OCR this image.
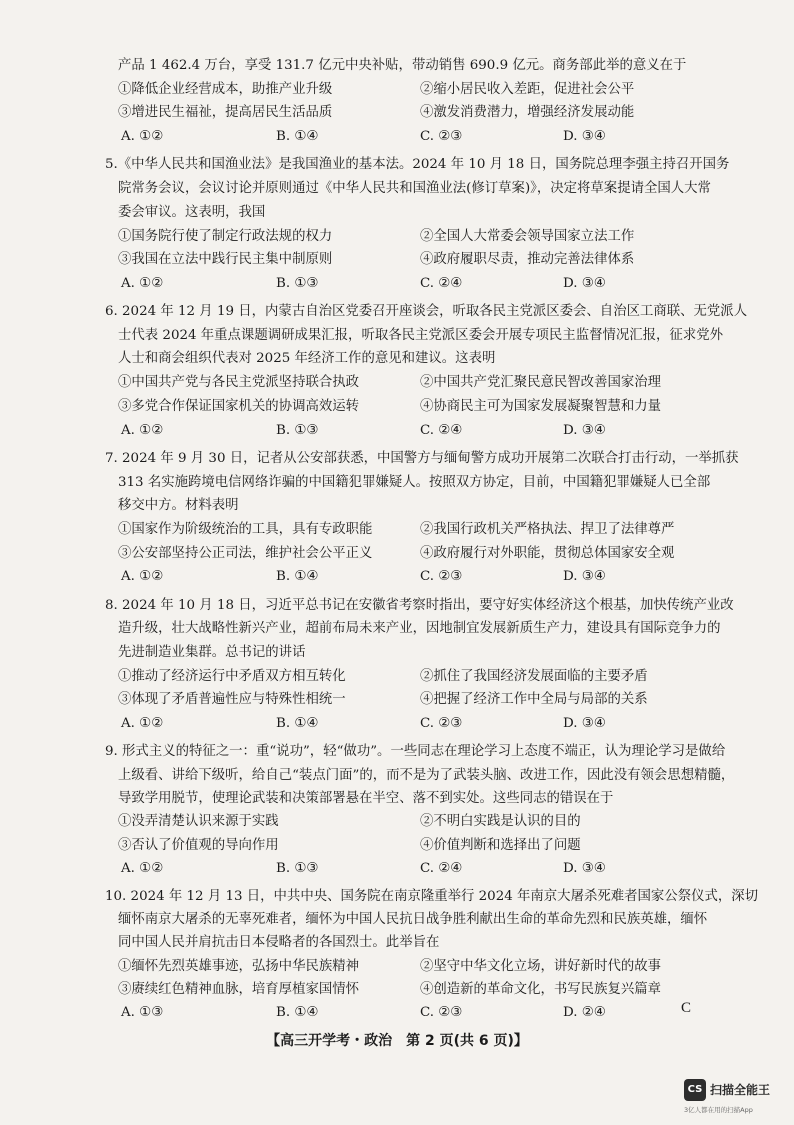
产品 1 462.4 万台，享受 131.7 亿元中央补贴，带动销售 690.9 亿元。商务部此举的意义在于

①降低企业经营成本，助推产业升级	②缩小居民收入差距，促进社会公平

③增进民生福祉，提高居民生活品质	④激发消费潜力，增强经济发展动能

A. ①②	B. ①④	C. ②③	D. ③④

5.《中华人民共和国渔业法》是我国渔业的基本法。2024 年 10 月 18 日，国务院总理李强主持召开国务

院常务会议，会议讨论并原则通过《中华人民共和国渔业法(修订草案)》，决定将草案提请全国人大常

委会审议。这表明，我国

①国务院行使了制定行政法规的权力	②全国人大常委会领导国家立法工作

③我国在立法中践行民主集中制原则	④政府履职尽责，推动完善法律体系

A. ①②	B. ①③	C. ②④	D. ③④

6. 2024 年 12 月 19 日，内蒙古自治区党委召开座谈会，听取各民主党派区委会、自治区工商联、无党派人

士代表 2024 年重点课题调研成果汇报，听取各民主党派区委会开展专项民主监督情况汇报，征求党外

人士和商会组织代表对 2025 年经济工作的意见和建议。这表明

①中国共产党与各民主党派坚持联合执政	②中国共产党汇聚民意民智改善国家治理

③多党合作保证国家机关的协调高效运转	④协商民主可为国家发展凝聚智慧和力量

A. ①②	B. ①③	C. ②④	D. ③④

7. 2024 年 9 月 30 日，记者从公安部获悉，中国警方与缅甸警方成功开展第二次联合打击行动，一举抓获

313 名实施跨境电信网络诈骗的中国籍犯罪嫌疑人。按照双方协定，目前，中国籍犯罪嫌疑人已全部

移交中方。材料表明

①国家作为阶级统治的工具，具有专政职能	②我国行政机关严格执法、捍卫了法律尊严

③公安部坚持公正司法，维护社会公平正义	④政府履行对外职能，贯彻总体国家安全观

A. ①②	B. ①④	C. ②③	D. ③④

8. 2024 年 10 月 18 日，习近平总书记在安徽省考察时指出，要守好实体经济这个根基，加快传统产业改

造升级，壮大战略性新兴产业，超前布局未来产业，因地制宜发展新质生产力，建设具有国际竞争力的

先进制造业集群。总书记的讲话

①推动了经济运行中矛盾双方相互转化	②抓住了我国经济发展面临的主要矛盾

③体现了矛盾普遍性应与特殊性相统一	④把握了经济工作中全局与局部的关系

A. ①②	B. ①④	C. ②③	D. ③④

9. 形式主义的特征之一：重“说功”，轻“做功”。一些同志在理论学习上态度不端正，认为理论学习是做给

上级看、讲给下级听，给自己“装点门面”的，而不是为了武装头脑、改进工作，因此没有领会思想精髓，

导致学用脱节，使理论武装和决策部署悬在半空、落不到实处。这些同志的错误在于

①没弄清楚认识来源于实践	②不明白实践是认识的目的

③否认了价值观的导向作用	④价值判断和选择出了问题

A. ①②	B. ①③	C. ②④	D. ③④

10. 2024 年 12 月 13 日，中共中央、国务院在南京隆重举行 2024 年南京大屠杀死难者国家公祭仪式，深切

缅怀南京大屠杀的无辜死难者，缅怀为中国人民抗日战争胜利献出生命的革命先烈和民族英雄，缅怀

同中国人民并肩抗击日本侵略者的各国烈士。此举旨在

①缅怀先烈英雄事迹，弘扬中华民族精神	②坚守中华文化立场，讲好新时代的故事

③赓续红色精神血脉，培育厚植家国情怀	④创造新的革命文化，书写民族复兴篇章

A. ①③	B. ①④	C. ②③	D. ②④

【高三开学考・政治　第 2 页(共 6 页)】

C

CS 扫描全能王
3亿人都在用的扫描App
